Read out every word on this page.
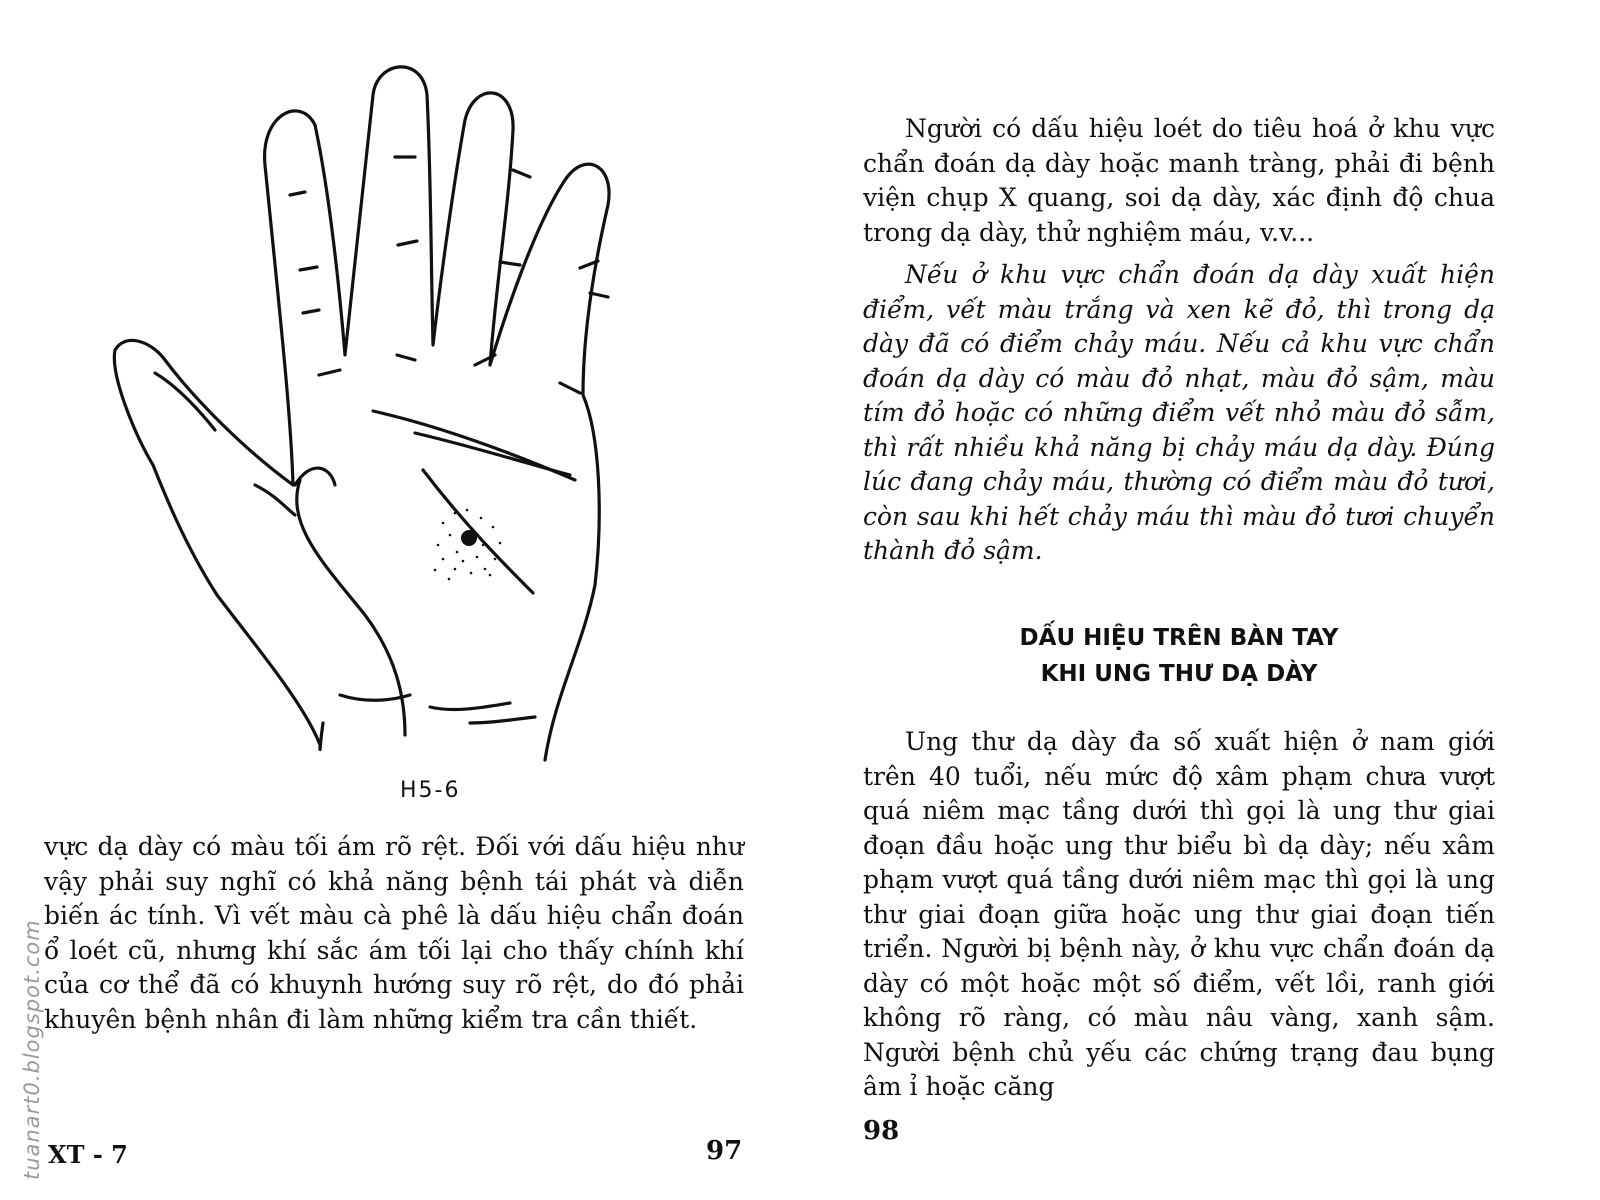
H5-6

vực dạ dày có màu tối ám rõ rệt. Đối với dấu hiệu như vậy phải suy nghĩ có khả năng bệnh tái phát và diễn biến ác tính. Vì vết màu cà phê là dấu hiệu chẩn đoán ổ loét cũ, nhưng khí sắc ám tối lại cho thấy chính khí của cơ thể đã có khuynh hướng suy rõ rệt, do đó phải khuyên bệnh nhân đi làm những kiểm tra cần thiết.

tuanart0.blogspot.com XT - 7	97

Người có dấu hiệu loét do tiêu hoá ở khu vực chẩn đoán dạ dày hoặc manh tràng, phải đi bệnh viện chụp X quang, soi dạ dày, xác định độ chua trong dạ dày, thử nghiệm máu, v.v...

Nếu ở khu vực chẩn đoán dạ dày xuất hiện điểm, vết màu trắng và xen kẽ đỏ, thì trong dạ dày đã có điểm chảy máu. Nếu cả khu vực chẩn đoán dạ dày có màu đỏ nhạt, màu đỏ sậm, màu tím đỏ hoặc có những điểm vết nhỏ màu đỏ sẫm, thì rất nhiều khả năng bị chảy máu dạ dày. Đúng lúc đang chảy máu, thường có điểm màu đỏ tươi, còn sau khi hết chảy máu thì màu đỏ tươi chuyển thành đỏ sậm.

DẤU HIỆU TRÊN BÀN TAY
KHI UNG THƯ DẠ DÀY

Ung thư dạ dày đa số xuất hiện ở nam giới trên 40 tuổi, nếu mức độ xâm phạm chưa vượt quá niêm mạc tầng dưới thì gọi là ung thư giai đoạn đầu hoặc ung thư biểu bì dạ dày; nếu xâm phạm vượt quá tầng dưới niêm mạc thì gọi là ung thư giai đoạn giữa hoặc ung thư giai đoạn tiến triển. Người bị bệnh này, ở khu vực chẩn đoán dạ dày có một hoặc một số điểm, vết lồi, ranh giới không rõ ràng, có màu nâu vàng, xanh sậm. Người bệnh chủ yếu các chứng trạng đau bụng âm ỉ hoặc căng

98
